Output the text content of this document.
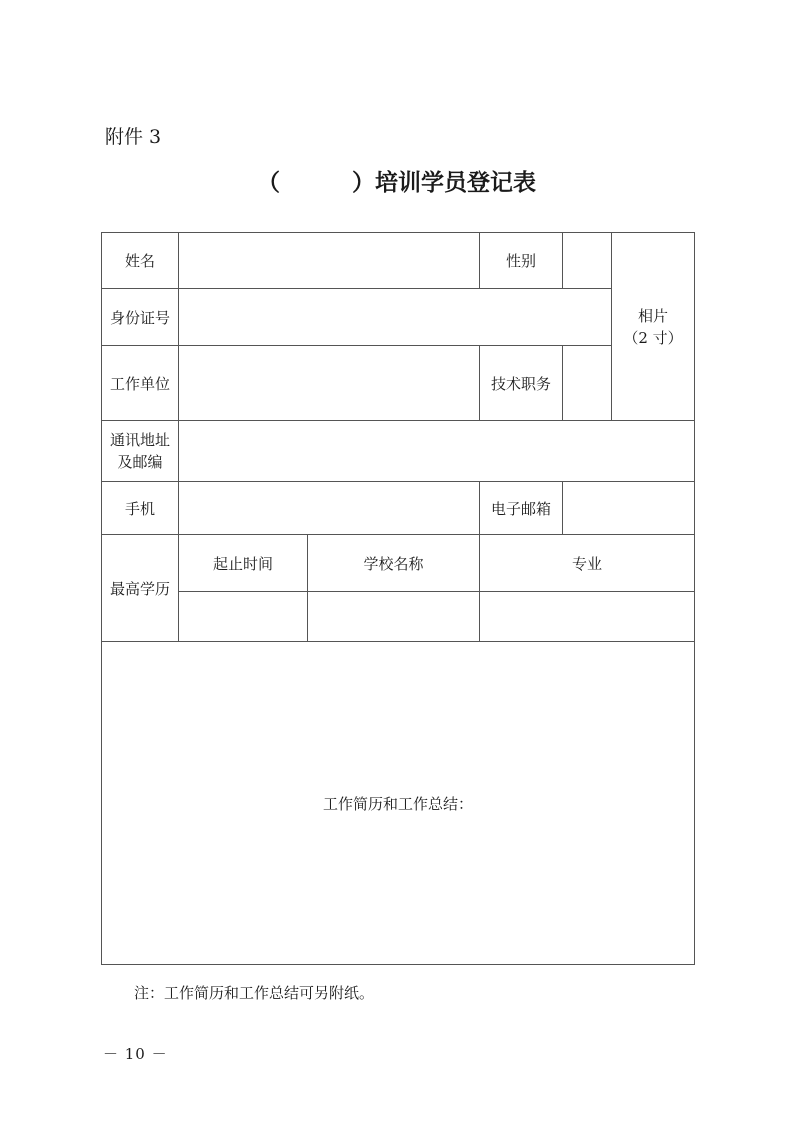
附件 3
（	）培训学员登记表
姓名			性别		相片
（2 寸）

身份证号					
工作单位			技术职务		

通讯地址
及邮编					

手机			电子邮箱		
最高学历	起止时间	学校名称	专业		

工作简历和工作总结：					
注：工作简历和工作总结可另附纸。
－ 10 －
